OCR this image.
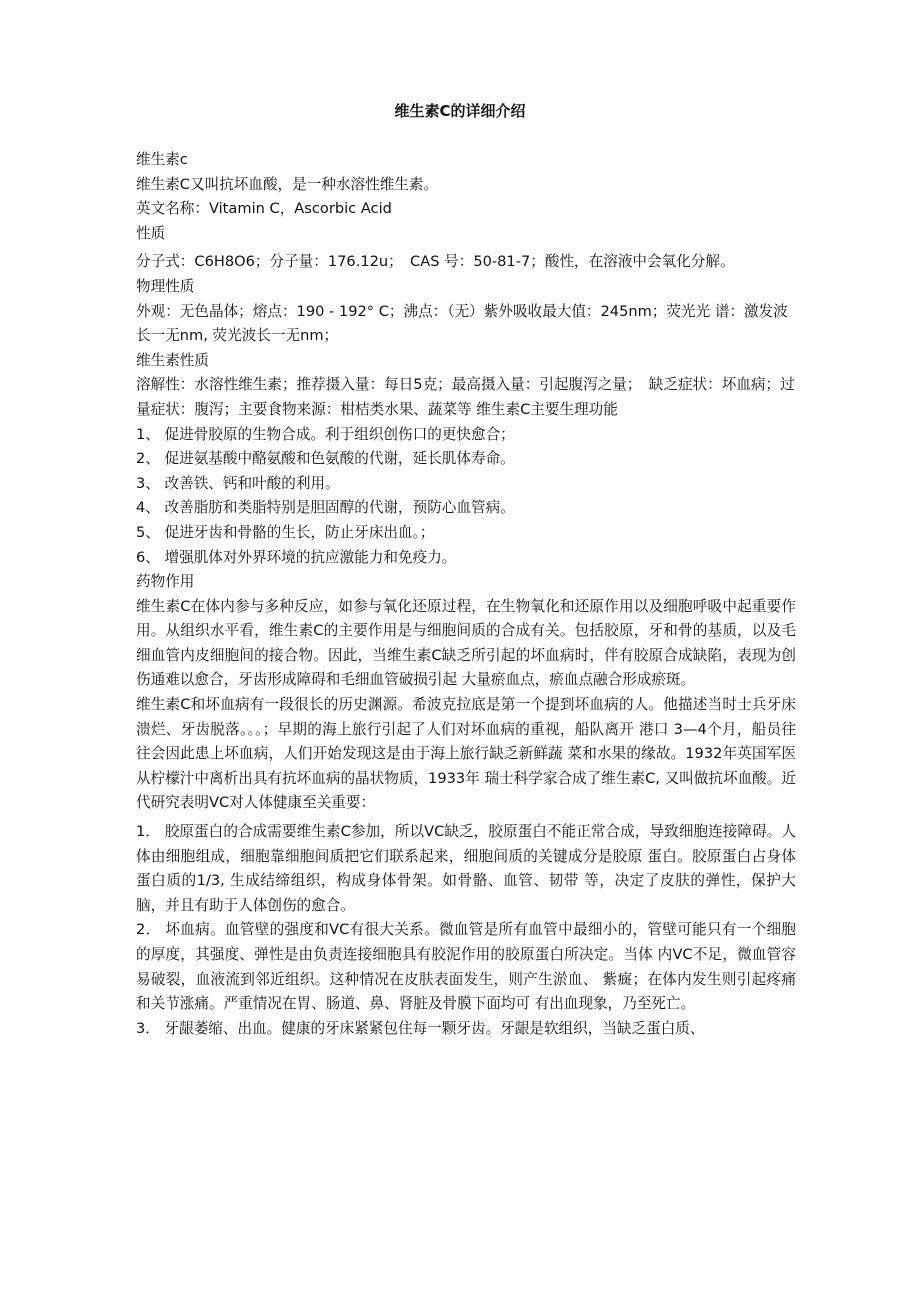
维生素C的详细介绍

维生素c

维生素C又叫抗坏血酸，是一种水溶性维生素。

英文名称：Vitamin C，Ascorbic Acid

性质

分子式：C6H8O6；分子量：176.12u；　CAS 号：50-81-7；酸性，在溶液中会氧化分解。

物理性质

外观：无色晶体；熔点：190 - 192° C；沸点：（无）紫外吸收最大值：245nm；荧光光 谱：激发波长一无nm, 荧光波长一无nm；

维生素性质

溶解性：水溶性维生素；推荐摄入量：每日5克；最高摄入量：引起腹泻之量；　缺乏症状：坏血病；过量症状：腹泻；主要食物来源：柑桔类水果、蔬菜等 维生素C主要生理功能

1、 促进骨胶原的生物合成。利于组织创伤口的更快愈合；

2、 促进氨基酸中酪氨酸和色氨酸的代谢，延长肌体寿命。

3、 改善铁、钙和叶酸的利用。

4、 改善脂肪和类脂特别是胆固醇的代谢，预防心血管病。

5、 促进牙齿和骨骼的生长，防止牙床出血。；

6、 增强肌体对外界环境的抗应激能力和免疫力。

药物作用

维生素C在体内参与多种反应，如参与氧化还原过程，在生物氧化和还原作用以及细胞呼吸中起重要作用。从组织水平看，维生素C的主要作用是与细胞间质的合成有关。包括胶原，牙和骨的基质，以及毛细血管内皮细胞间的接合物。因此，当维生素C缺乏所引起的坏血病时，伴有胶原合成缺陷，表现为创伤通难以愈合，牙齿形成障碍和毛细血管破损引起 大量瘀血点，瘀血点融合形成瘀斑。

维生素C和坏血病有一段很长的历史渊源。希波克拉底是第一个提到坏血病的人。他描述当时士兵牙床溃烂、牙齿脱落。。。；早期的海上旅行引起了人们对坏血病的重视，船队离开 港口 3—4个月，船员往往会因此患上坏血病，人们开始发现这是由于海上旅行缺乏新鲜蔬 菜和水果的缘故。1932年英国军医从柠檬汁中离析出具有抗坏血病的晶状物质，1933年 瑞士科学家合成了维生素C, 又叫做抗坏血酸。近代研究表明VC对人体健康至关重要：

1． 胶原蛋白的合成需要维生素C参加，所以VC缺乏，胶原蛋白不能正常合成，导致细胞连接障碍。人体由细胞组成，细胞靠细胞间质把它们联系起来，细胞间质的关键成分是胶原 蛋白。胶原蛋白占身体蛋白质的1/3, 生成结缔组织，构成身体骨架。如骨骼、血管、韧带 等，决定了皮肤的弹性，保护大脑，并且有助于人体创伤的愈合。

2． 坏血病。血管壁的强度和VC有很大关系。微血管是所有血管中最细小的，管壁可能只有一个细胞的厚度，其强度、弹性是由负责连接细胞具有胶泥作用的胶原蛋白所决定。当体 内VC不足，微血管容易破裂，血液流到邻近组织。这种情况在皮肤表面发生，则产生淤血、 紫癍；在体内发生则引起疼痛和关节涨痛。严重情况在胃、肠道、鼻、肾脏及骨膜下面均可 有出血现象，乃至死亡。

3． 牙龈萎缩、出血。健康的牙床紧紧包住每一颗牙齿。牙龈是软组织，当缺乏蛋白质、
